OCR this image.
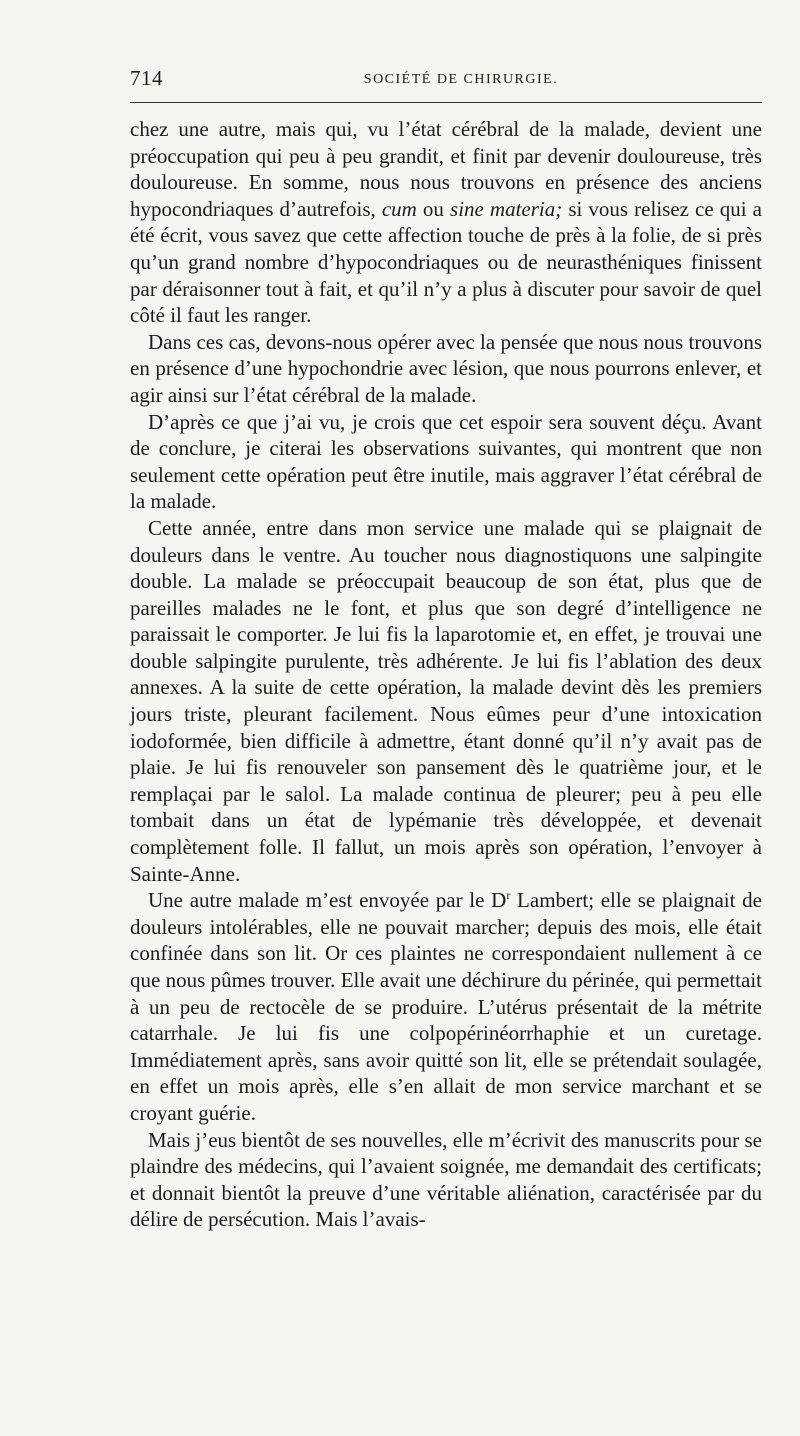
714	SOCIÉTÉ DE CHIRURGIE.

chez une autre, mais qui, vu l’état cérébral de la malade, devient une préoccupation qui peu à peu grandit, et finit par devenir douloureuse, très douloureuse. En somme, nous nous trouvons en présence des anciens hypocondriaques d’autrefois, cum ou sine materia; si vous relisez ce qui a été écrit, vous savez que cette affection touche de près à la folie, de si près qu’un grand nombre d’hypocondriaques ou de neurasthéniques finissent par déraisonner tout à fait, et qu’il n’y a plus à discuter pour savoir de quel côté il faut les ranger.

Dans ces cas, devons-nous opérer avec la pensée que nous nous trouvons en présence d’une hypochondrie avec lésion, que nous pourrons enlever, et agir ainsi sur l’état cérébral de la malade.

D’après ce que j’ai vu, je crois que cet espoir sera souvent déçu. Avant de conclure, je citerai les observations suivantes, qui montrent que non seulement cette opération peut être inutile, mais aggraver l’état cérébral de la malade.

Cette année, entre dans mon service une malade qui se plaignait de douleurs dans le ventre. Au toucher nous diagnostiquons une salpingite double. La malade se préoccupait beaucoup de son état, plus que de pareilles malades ne le font, et plus que son degré d’intelligence ne paraissait le comporter. Je lui fis la laparotomie et, en effet, je trouvai une double salpingite purulente, très adhérente. Je lui fis l’ablation des deux annexes. A la suite de cette opération, la malade devint dès les premiers jours triste, pleurant facilement. Nous eûmes peur d’une intoxication iodoformée, bien difficile à admettre, étant donné qu’il n’y avait pas de plaie. Je lui fis renouveler son pansement dès le quatrième jour, et le remplaçai par le salol. La malade continua de pleurer; peu à peu elle tombait dans un état de lypémanie très développée, et devenait complètement folle. Il fallut, un mois après son opération, l’envoyer à Sainte-Anne.

Une autre malade m’est envoyée par le $D^r$ Lambert; elle se plaignait de douleurs intolérables, elle ne pouvait marcher; depuis des mois, elle était confinée dans son lit. Or ces plaintes ne correspondaient nullement à ce que nous pûmes trouver. Elle avait une déchirure du périnée, qui permettait à un peu de rectocèle de se produire. L’utérus présentait de la métrite catarrhale. Je lui fis une colpopérinéorrhaphie et un curetage. Immédiatement après, sans avoir quitté son lit, elle se prétendait soulagée, en effet un mois après, elle s’en allait de mon service marchant et se croyant guérie.

Mais j’eus bientôt de ses nouvelles, elle m’écrivit des manuscrits pour se plaindre des médecins, qui l’avaient soignée, me demandait des certificats; et donnait bientôt la preuve d’une véritable aliénation, caractérisée par du délire de persécution. Mais l’avais-
